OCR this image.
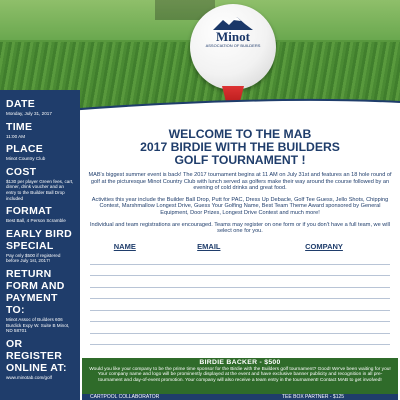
Minot
ASSOCIATION OF BUILDERS
DATE
Monday, July 31, 2017
TIME
11:00 AM
PLACE
Minot Country Club
COST
$130 per player Green fees, cart, dinner, drink voucher and an entry to the Builder Ball Drop included
FORMAT
Best Ball, 4 Person Scramble
EARLY BIRD SPECIAL
Pay only $500 if registered before July 1st, 2017!
RETURN FORM AND PAYMENT TO:
Minot Assoc of Builders 606 Burdick Expy W. Suite B Minot, ND 58701
OR REGISTER ONLINE AT:
www.minotab.com/golf
WELCOME TO THE MAB
2017 BIRDIE WITH THE BUILDERS
GOLF TOURNAMENT !

MAB's biggest summer event is back! The 2017 tournament begins at 11 AM on July 31st and features an 18 hole round of golf at the picturesque Minot Country Club with lunch served as golfers make their way around the course followed by an evening of cold drinks and great food.

Activities this year include the Builder Ball Drop, Putt for PAC, Dress Up Debacle, Golf Tee Guess, Jello Shots, Chipping Contest, Marshmallow Longest Drive, Guess Your Golfing Name, Best Team Theme Award sponsored by General Equipment, Door Prizes, Longest Drive Contest and much more!

Individual and team registrations are encouraged. Teams may register on one form or if you don't have a full team, we will select one for you.

NAME	EMAIL	COMPANY

BIRDIE BACKER - $500
Would you like your company to be the prime time sponsor for the Birdie with the Builders golf tournament? Good! We've been waiting for you! Your company name and logo will be prominently displayed at the event and have exclusive banner publicity and recognition in all pre-tournament and day-of-event promotion. Your company will also receive a team entry in the tournament! Contact MAB to get involved!
CARTPOOL COLLABORATOR	TEE BOX PARTNER - $125
